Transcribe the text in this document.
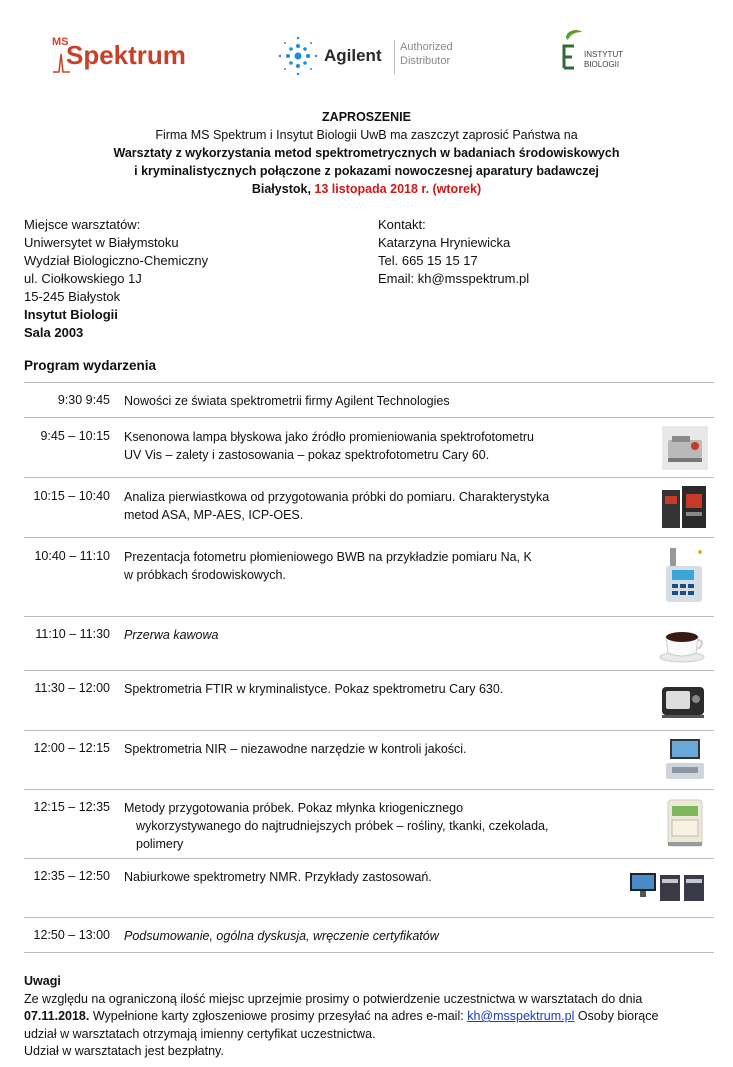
MS
Spektrum	Agilent Authorized
Distributor
INSTYTUT
BIOLOGII
ZAPROSZENIE
Firma MS Spektrum i Insytut Biologii UwB ma zaszczyt zaprosić Państwa na
Warsztaty z wykorzystania metod spektrometrycznych w badaniach środowiskowych
i kryminalistycznych połączone z pokazami nowoczesnej aparatury badawczej
Białystok, 13 listopada 2018 r. (wtorek)
Miejsce warsztatów:
Uniwersytet w Białymstoku
Wydział Biologiczno-Chemiczny
ul. Ciołkowskiego 1J
15-245 Białystok
Insytut Biologii
Sala 2003
Kontakt:
Katarzyna Hryniewicka
Tel. 665 15 15 17
Email: kh@msspektrum.pl
Program wydarzenia
9:30 9:45 Nowości ze świata spektrometrii firmy Agilent Technologies
9:45 – 10:15 Ksenonowa lampa błyskowa jako źródło promieniowania spektrofotometru
UV Vis – zalety i zastosowania – pokaz spektrofotometru Cary 60.
10:15 – 10:40 Analiza pierwiastkowa od przygotowania próbki do pomiaru. Charakterystyka
metod ASA, MP-AES, ICP-OES.
10:40 – 11:10 Prezentacja fotometru płomieniowego BWB na przykładzie pomiaru Na, K
w próbkach środowiskowych.
11:10 – 11:30 Przerwa kawowa
11:30 – 12:00 Spektrometria FTIR w kryminalistyce. Pokaz spektrometru Cary 630.
12:00 – 12:15 Spektrometria NIR – niezawodne narzędzie w kontroli jakości.
12:15 – 12:35 Metody przygotowania próbek. Pokaz młynka kriogenicznego
wykorzystywanego do najtrudniejszych próbek – rośliny, tkanki, czekolada,
polimery
12:35 – 12:50 Nabiurkowe spektrometry NMR. Przykłady zastosowań.
12:50 – 13:00 Podsumowanie, ogólna dyskusja, wręczenie certyfikatów
Uwagi
Ze względu na ograniczoną ilość miejsc uprzejmie prosimy o potwierdzenie uczestnictwa w warsztatach do dnia
07.11.2018. Wypełnione karty zgłoszeniowe prosimy przesyłać na adres e-mail: kh@msspektrum.pl Osoby biorące
udział w warsztatach otrzymają imienny certyfikat uczestnictwa.
Udział w warsztatach jest bezpłatny.
